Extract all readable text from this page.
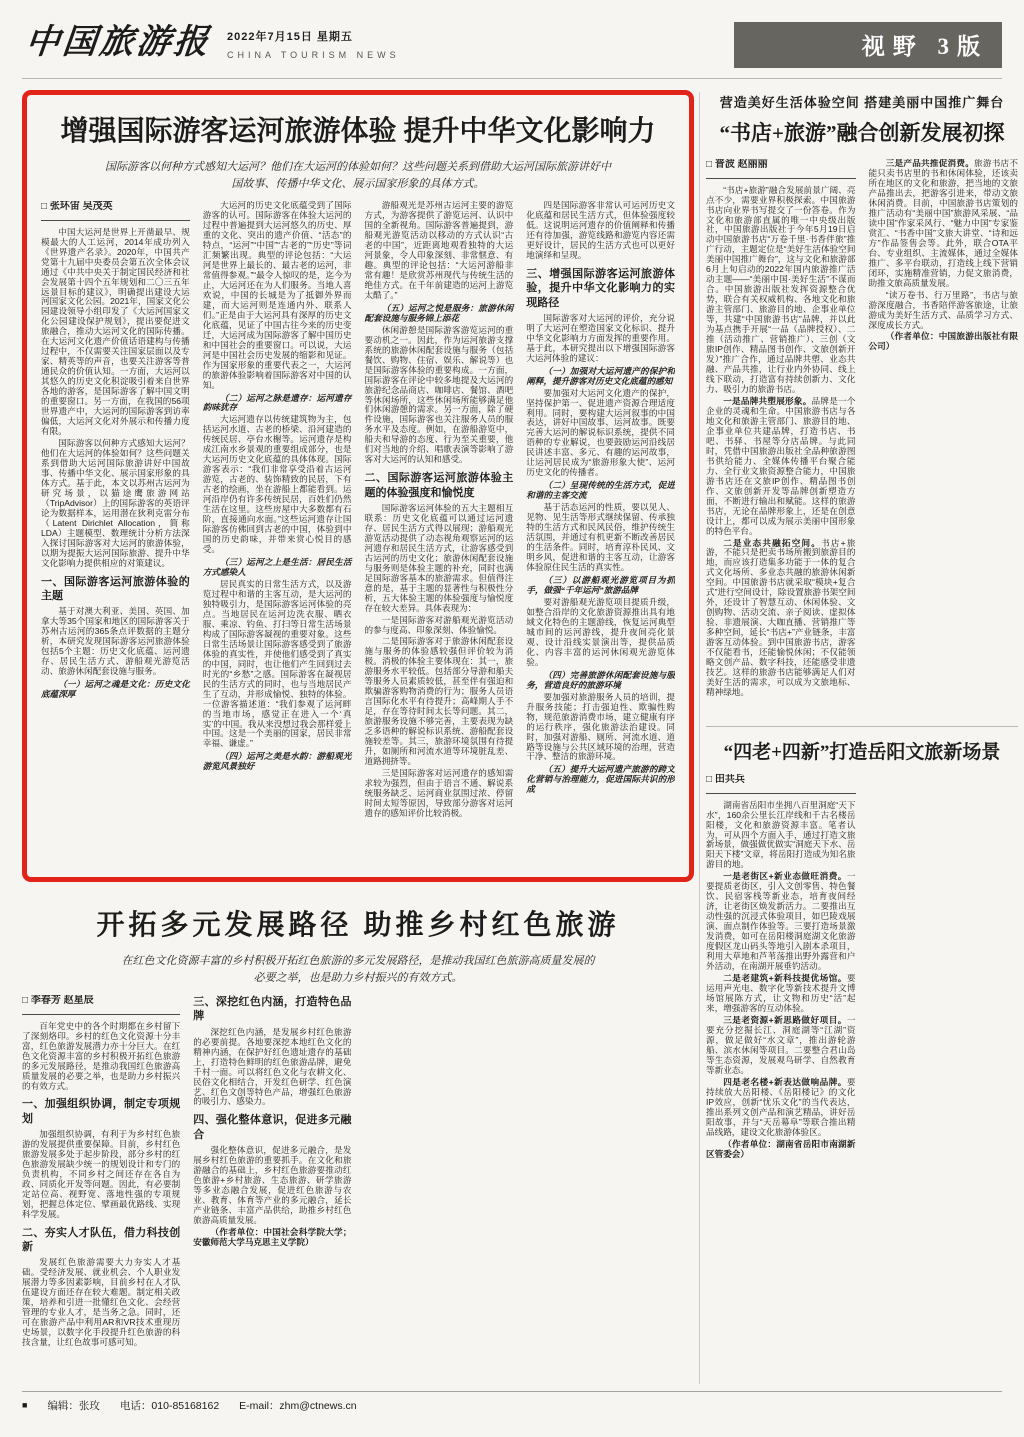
中国旅游报 2022年7月15日 星期五
CHINA TOURISM NEWS	视野 3版
增强国际游客运河旅游体验 提升中华文化影响力

国际游客以何种方式感知大运河？他们在大运河的体验如何？这些问题关系到借助大运河国际旅游讲好中国故事、传播中华文化、展示国家形象的具体方式。

□ 张环宙 吴茂英
中国大运河是世界上开凿最早、规模最大的人工运河，2014年成功列入《世界遗产名录》。2020年，中国共产党第十九届中央委员会第五次全体会议通过《中共中央关于制定国民经济和社会发展第十四个五年规划和二〇三五年远景目标的建议》，明确提出建设大运河国家文化公园。2021年，国家文化公园建设领导小组印发了《大运河国家文化公园建设保护规划》，提出要促进文旅融合，推动大运河文化的国际传播。在大运河文化遗产价值话语建构与传播过程中，不仅需要关注国家层面以及专家、精英等的声音，也要关注游客等普通民众的价值认知。一方面，大运河以其悠久的历史文化积淀吸引着来自世界各地的游客，是国际游客了解中国文明的重要窗口。另一方面，在我国的56项世界遗产中，大运河的国际游客到访率偏低，大运河文化对外展示和传播力度有限。
国际游客以何种方式感知大运河？他们在大运河的体验如何？这些问题关系到借助大运河国际旅游讲好中国故事、传播中华文化、展示国家形象的具体方式。基于此，本文以苏州古运河为研究场景，以猫途鹰旅游网站（TripAdvisor）上的国际游客的英语评论为数据样本，运用潜在狄利克雷分布（Latent Dirichlet Allocation，简称LDA）主题模型、数理统计分析方法深入探讨国际游客对大运河的旅游体验，以期为提振大运河国际旅游、提升中华文化影响力提供相应的对策建议。
一、国际游客运河旅游体验的主题
基于对澳大利亚、美国、英国、加拿大等35个国家和地区的国际游客关于苏州古运河的365条点评数据的主题分析，本研究发现国际游客运河旅游体验包括5个主题：历史文化底蕴、运河遗存、居民生活方式、游船观光游览活动、旅游休闲配套设施与服务。
（一）运河之魂是文化：历史文化底蕴深厚
大运河的历史文化底蕴受到了国际游客的认可。国际游客在体验大运河的过程中普遍提到大运河悠久的历史、厚重的文化、突出的遗产价值、“活态”的特点，“运河”“中国”“古老的”“历史”等词汇频繁出现。典型的评论包括：“大运河是世界上最长的、最古老的运河，非常值得参观。”“最令人惊叹的是，迄今为止，大运河还在为人们服务。当地人喜欢说，中国的长城是为了抵御外界而建，而大运河则是连通内外、联系人们。”正是由于大运河具有深厚的历史文化底蕴，见证了中国古往今来的历史变迁，大运河成为国际游客了解中国历史和中国社会的重要窗口。可以说，大运河是中国社会历史发展的缩影和见证。作为国家形象的重要代表之一，大运河的旅游体验影响着国际游客对中国的认知。
（二）运河之脉是遗存：运河遗存韵味犹存
大运河遗存以传统建筑物为主，包括运河水道、古老的桥梁、沿河建造的传统民居、亭台水榭等。运河遗存是构成江南水乡景观的重要组成部分，也是大运河历史文化底蕴的具体体现。国际游客表示：“我们非常享受沿着古运河游览，古老的、装饰精致的民居，下有古老的绘画，坐在游船上都能看到。运河沿岸仍有许多传统民居，百姓们仍然生活在这里。这些房屋中大多数都有石阶，直接通向水面。”这些运河遗存让国际游客仿佛回到古老的中国，体验到中国的历史韵味，并带来赏心悦目的感受。
（三）运河之上是生活：居民生活方式感染人
居民真实的日常生活方式，以及游览过程中和谐的主客互动，是大运河的独特吸引力，是国际游客运河体验的亮点。当地居民在运河边洗衣服、晒衣服、乘凉、钓鱼、打扫等日常生活场景构成了国际游客凝视的重要对象。这些日常生活场景让国际游客感受到了旅游体验的真实性，并使他们感受到了真实的中国，同时，也让他们产生回到过去时光的“乡愁”之感。国际游客在凝视居民的生活方式的同时，也与当地居民产生了互动，并形成愉悦、独特的体验。一位游客描述道：“我们参观了运河畔的当地市场，感觉正在进入一个‘真实’的中国。我从来没想过我会那样爱上中国。这是一个美丽的国家，居民非常幸福、谦虚。”
（四）运河之美是水韵：游船观光游览风景独好
游船观光是苏州古运河主要的游览方式，为游客提供了游览运河、认识中国的全新视角。国际游客普遍提到，游船观光游览活动以移动的方式认识“古老的中国”，近距离地观看独特的大运河景象，令人印象深刻、非常惬意、有趣。典型的评论包括：“大运河游船非常有趣！是欣赏苏州现代与传统生活的绝佳方式。在千年前建造的运河上游览太酷了。”
（五）运河之悦是服务：旅游休闲配套设施与服务锦上添花
休闲游憩是国际游客游览运河的重要动机之一。因此，作为运河旅游支撑系统的旅游休闲配套设施与服务（包括餐饮、购物、住宿、娱乐、解说等）也是国际游客体验的重要构成。一方面，国际游客在评论中较多地提及大运河的旅游纪念品商店、咖啡店、餐馆、酒吧等休闲场所，这些休闲场所能够满足他们休闲游憩的需求。另一方面，除了硬件设施，国际游客也关注服务人员的服务水平及态度。例如，在游船游览中，船夫和导游的态度、行为至关重要，他们对当地的介绍、唱歌表演等影响了游客对大运河的认知和感受。
二、国际游客运河旅游体验主题的体验强度和愉悦度
国际游客运河体验的五大主题相互联系：历史文化底蕴可以通过运河遗存、居民生活方式得以展现；游船观光游览活动提供了动态视角观察运河的运河遗存和居民生活方式，让游客感受到古运河的历史文化；旅游休闲配套设施与服务则是体验主题的补充，同时也满足国际游客基本的旅游需求。但值得注意的是，基于主题的显著性与积极性分析，五大体验主题的体验强度与愉悦度存在较大差异。具体表现为：
一是国际游客对游船观光游览活动的参与度高、印象深刻、体验愉悦。
二是国际游客对于旅游休闲配套设施与服务的体验感较强但评价较为消极。消极的体验主要体现在：其一，旅游服务水平较低。包括部分导游和船夫等服务人员素质较低，甚至伴有强迫和欺骗游客购物消费的行为；服务人员语言国际化水平有待提升；高峰期人手不足，存在等待时间太长等问题。其二，旅游服务设施不够完善，主要表现为缺乏多语种的解说标识系统、游船配套设施较差等。其三，旅游环境氛围有待提升，如厕所和河流水道等环境脏乱差、道路拥挤等。
三是国际游客对运河遗存的感知需求较为强烈，但由于语言不通、解说系统服务缺乏、运河商业氛围过浓、停留时间太短等原因，导致部分游客对运河遗存的感知评价比较消极。
四是国际游客非常认可运河历史文化底蕴和居民生活方式，但体验强度较低。这说明运河遗存的价值阐释和传播还有待加强，游览线路和游览内容还需更好设计，居民的生活方式也可以更好地演绎和呈现。
三、增强国际游客运河旅游体验，提升中华文化影响力的实现路径
国际游客对大运河的评价，充分说明了大运河在塑造国家文化标识、提升中华文化影响力方面发挥的重要作用。基于此，本研究提出以下增强国际游客大运河体验的建议：
（一）加强对大运河遗产的保护和阐释，提升游客对历史文化底蕴的感知
要加强对大运河文化遗产的保护，坚持保护第一、促进遗产资源合理适度利用。同时，要构建大运河叙事的中国表达，讲好中国故事、运河故事。既要完善大运河的解说标识系统，提供不同语种的专业解说，也要鼓励运河沿线居民讲述丰富、多元、有趣的运河故事，让运河居民成为“旅游形象大使”、运河历史文化的传播者。
（二）呈现传统的生活方式，促进和谐的主客交流
基于活态运河的性质，要以见人、见物、见生活等形式继续保留、传承独特的生活方式和民风民俗，维护传统生活氛围，并通过有机更新不断改善居民的生活条件。同时，培育淳朴民风、文明乡风，促进和谐的主客互动，让游客体验原住民生活的真实性。
（三）以游船观光游览项目为抓手，做强“千年运河”旅游品牌
要对游船观光游览项目提质升级，如整合沿岸的文化旅游资源推出具有地域文化特色的主题游线，恢复运河典型城市间的运河游线，提升夜间亮化景观、设计沿线实景演出等，提供品质化、内容丰富的运河休闲观光游览体验。
（四）完善旅游休闲配套设施与服务，营造良好的旅游环境
要加强对旅游服务人员的培训，提升服务技能；打击强迫性、欺骗性购物，规范旅游消费市场，建立健康有序的运行秩序，强化旅游法治建设。同时，加强对游船、厕所、河流水道、道路等设施与公共区域环境的治理，营造干净、整洁的旅游环境。
（五）提升大运河遗产旅游的跨文化营销与治理能力，促进国际共识的形成
营造美好生活体验空间 搭建美丽中国推广舞台
“书店+旅游”融合创新发展初探
□ 晋波 赵丽丽
“书店+旅游”融合发展前景广阔、亮点不少，需要业界积极探索。中国旅游书店向业界书写提交了一份答卷。作为文化和旅游部直属的唯一中央级出版社，中国旅游出版社于今年5月19日启动中国旅游书店“万卷千里·书香伴旅”推广行动，主题定位是“美好生活体验空间 美丽中国推广舞台”，这与文化和旅游部6月上旬启动的2022年国内旅游推广活动主题——“美丽中国·美好生活”不谋而合。中国旅游出版社发挥资源整合优势，联合有关权威机构、各地文化和旅游主管部门、旅游目的地、企事业单位等，共建“中国旅游书店”品牌，并以此为基点携手开展“一品（品牌授权）、二推（活动推广、营销推广）、三创（文旅IP创作、精品图书创作、文旅创新开发）”推广合作，通过品牌共塑、业态共融、产品共推，让行业内外协同、线上线下联动，打造富有持续创新力、文化力、吸引力的旅游书店。
一是品牌共塑展形象。品牌是一个企业的灵魂和生命。中国旅游书店与各地文化和旅游主管部门、旅游目的地、企事业单位共建品牌，打造书店、书吧、书驿、书屋等分店品牌。与此同时，凭借中国旅游出版社全品种旅游图书供给能力、全媒体传播平台聚合能力、全行业文旅资源整合能力，中国旅游书店还在文旅IP创作、精品图书创作、文旅创新开发等品牌创新塑造方面，不断进行输出和赋能。这样的旅游书店，无论在品牌形象上，还是在创意设计上，都可以成为展示美丽中国形象的特色平台。
二是业态共融拓空间。书店+旅游，不能只是把卖书场所搬到旅游目的地，而应该打造集多功能于一体的复合式文化场所、多业态共融的旅游休闲新空间。中国旅游书店就采取“模块+复合式”进行空间设计，除设置旅游书架空间外，还设计了智慧互动、休闲体验、文创购物、活动交流、亲子阅读、虚拟体验、非遗展演、大咖直播、营销推广等多种空间，延长“书店+”产业链条，丰富游客互动体验。到中国旅游书店，游客不仅能看书，还能愉悦休闲；不仅能领略文创产品、数字科技，还能感受非遗技艺。这样的旅游书店能够满足人们对美好生活的需求，可以成为文旅地标、精神绿地。
三是产品共推促消费。旅游书店不能只卖书店里的书和休闲体验，还该卖所在地区的文化和旅游，把当地的文旅产品推出去，把游客引进来，带动文旅休闲消费。目前，中国旅游书店策划的推广活动有“美丽中国”旅游风采展、“品读中国”作家采风行、“魅力中国”专家鉴赏汇、“书香中国”文旅大讲堂、“诗和远方”作品签售会等。此外，联合OTA平台、专业组织、主流媒体，通过全媒体推广、多平台联动，打造线上线下营销闭环，实施精准营销，力促文旅消费，助推文旅高质量发展。
“读万卷书、行万里路”，书店与旅游深度融合，书香陪伴游客旅途，让旅游成为美好生活方式、品质学习方式、深度成长方式。
（作者单位：中国旅游出版社有限公司）
“四老+四新”打造岳阳文旅新场景
□ 田共兵
湖南省岳阳市坐拥八百里洞庭“天下水”，160余公里长江岸线和千古名楼岳阳楼，文化和旅游资源丰富。笔者认为，可从四个方面入手，通过打造文旅新场景，做强做优做实“洞庭天下水、岳阳天下楼”文章，将岳阳打造成为知名旅游目的地。
一是老街区+新业态做旺消费。一要提质老街区，引入文创零售、特色餐饮、民宿客栈等新业态，培育夜间经济，让老街区焕发新活力。二要推出互动性强的沉浸式体验项目，如巴陵戏展演、面点制作体验等。三要打造场景激发消费，如可在岳阳楼洞庭湖文化旅游度假区龙山码头等地引入剧本杀项目，利用大草地和芦苇荡推出野外露营和户外活动，在南湖开展垂钓活动。
二是老建筑+新科技提优场馆。要运用声光电、数字化等新技术提升文博场馆展陈方式，让文物和历史“活”起来，增强游客的互动体验。
三是老资源+新思路做好项目。一要充分挖掘长江、洞庭湖等“江湖”资源，做足做好“水文章”，推出游轮游船、滨水休闲等项目。二要整合君山岛等生态资源，发展观鸟研学、自然教育等新业态。
四是老名楼+新表达做响品牌。要持续放大岳阳楼、《岳阳楼记》的文化IP效应，创新“忧乐文化”的当代表达，推出系列文创产品和演艺精品，讲好岳阳故事，并与“天岳幕阜”等联合推出精品线路，建设文化旅游体验区。
（作者单位：湖南省岳阳市南湖新区管委会）
开拓多元发展路径 助推乡村红色旅游

在红色文化资源丰富的乡村积极开拓红色旅游的多元发展路径，是推动我国红色旅游高质量发展的必要之举，也是助力乡村振兴的有效方式。

□ 李春芳 赵星辰
百年党史中的各个时期都在乡村留下了深刻烙印。乡村的红色文化资源十分丰富，红色旅游发展潜力亦十分巨大。在红色文化资源丰富的乡村积极开拓红色旅游的多元发展路径，是推动我国红色旅游高质量发展的必要之举，也是助力乡村振兴的有效方式。
一、加强组织协调，制定专项规划
加强组织协调，有利于为乡村红色旅游的发展提供重要保障。目前，乡村红色旅游发展多处于起步阶段，部分乡村的红色旅游发展缺少统一的规划设计和专门的负责机构，不同乡村之间还存在各自为政、同质化开发等问题。因此，有必要制定站位高、视野宽、落地性强的专项规划，把握总体定位、擘画最优路线、实现科学发展。
二、夯实人才队伍，借力科技创新
发展红色旅游需要大力夯实人才基础。受经济发展、就业机会、个人职业发展潜力等多因素影响，目前乡村在人才队伍建设方面还存在较大难题。制定相关政策，培养和引进一批懂红色文化、会经营管理的专业人才，是当务之急。同时，还可在旅游产品中利用AR和VR技术重现历史场景，以数字化手段提升红色旅游的科技含量，让红色故事可感可知。
三、深挖红色内涵，打造特色品牌
深挖红色内涵，是发展乡村红色旅游的必要前提。各地要深挖本地红色文化的精神内涵，在保护好红色遗址遗存的基础上，打造特色鲜明的红色旅游品牌，避免千村一面。可以将红色文化与农耕文化、民俗文化相结合，开发红色研学、红色演艺、红色文创等特色产品，增强红色旅游的吸引力、感染力。
四、强化整体意识，促进多元融合
强化整体意识，促进多元融合，是发展乡村红色旅游的重要抓手。在文化和旅游融合的基础上，乡村红色旅游要推动红色旅游+乡村旅游、生态旅游、研学旅游等多业态融合发展，促进红色旅游与农业、教育、体育等产业的多元融合，延长产业链条、丰富产品供给，助推乡村红色旅游高质量发展。
（作者单位：中国社会科学院大学；安徽师范大学马克思主义学院）
■ 编辑：张玫 电话：010-85168162 E-mail：zhm@ctnews.cn
